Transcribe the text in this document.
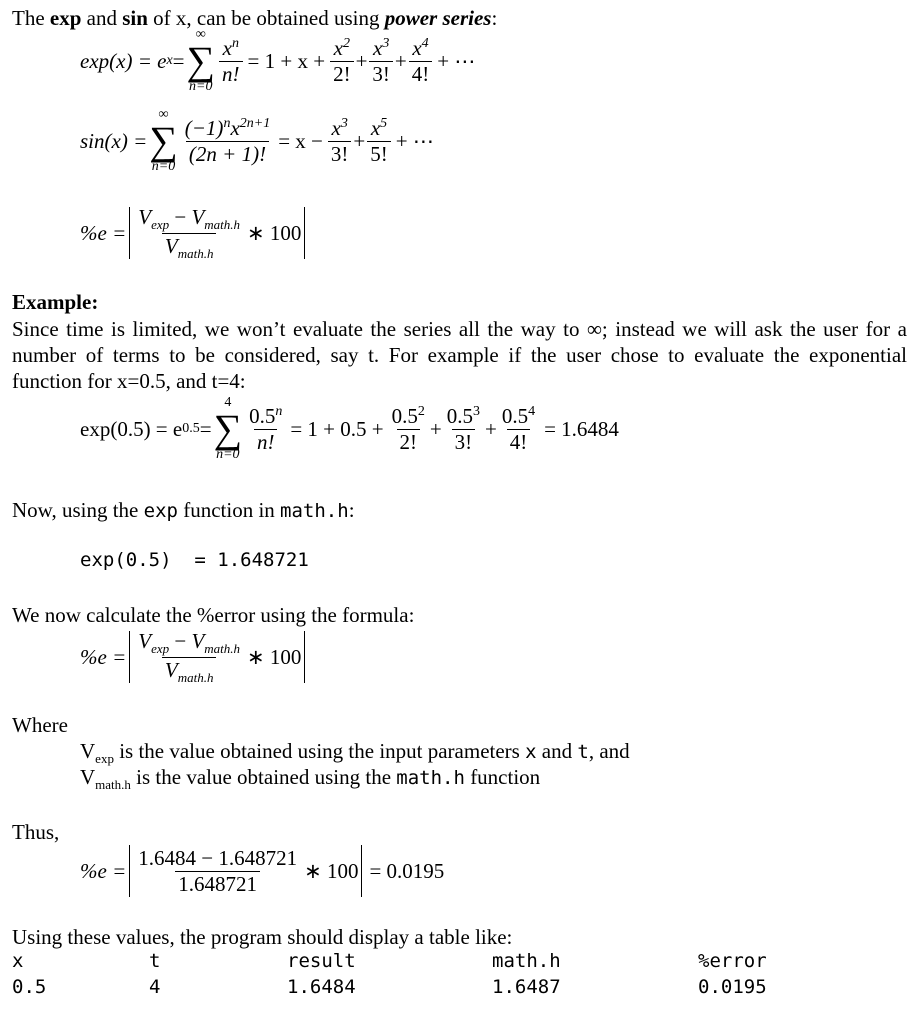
The exp and sin of x, can be obtained using power series:
exp(x) = e x =
∞
∑
n=0
$\frac{x^n}{n!} = 1 + x + \frac{x^2}{2!} + \frac{x^3}{3!} + \frac{x^4}{4!}$ + ⋯
sin(x) =
∞
∑
n=0
$\frac{(-1)^nx^{2n+1}}{(2n + 1)!} = x - \frac{x^3}{3!} + \frac{x^5}{5!}$ + ⋯
$\%e = \frac{V_{exp} - V_{math.h}}{V_{math.h}}$ ∗ 100
Example:
Since time is limited, we won’t evaluate the series all the way to ∞; instead we will ask the user for a number of terms to be considered, say t. For example if the user chose to evaluate the exponential function for x=0.5, and t=4:
exp(0.5) = e 0.5 =
4
∑
n=0
$\frac{0.5^n}{n!} = 1 + 0.5 + \frac{0.5^2}{2!} + \frac{0.5^3}{3!} + \frac{0.5^4}{4!} = 1.6484$
Now, using the exp function in math.h:
exp(0.5)  = 1.648721
We now calculate the %error using the formula:
$\%e = \frac{V_{exp} - V_{math.h}}{V_{math.h}}$ ∗ 100
Where
$V_{exp}$ is the value obtained using the input parameters x and t, and
$V_{math.h}$ is the value obtained using the math.h function
Thus,
$\%e = \frac{1.6484 - 1.648721}{1.648721}$ ∗ 100 = 0.0195
Using these values, the program should display a table like:
x	t	result	math.h	%error
0.5	4	1.6484	1.6487	0.0195
